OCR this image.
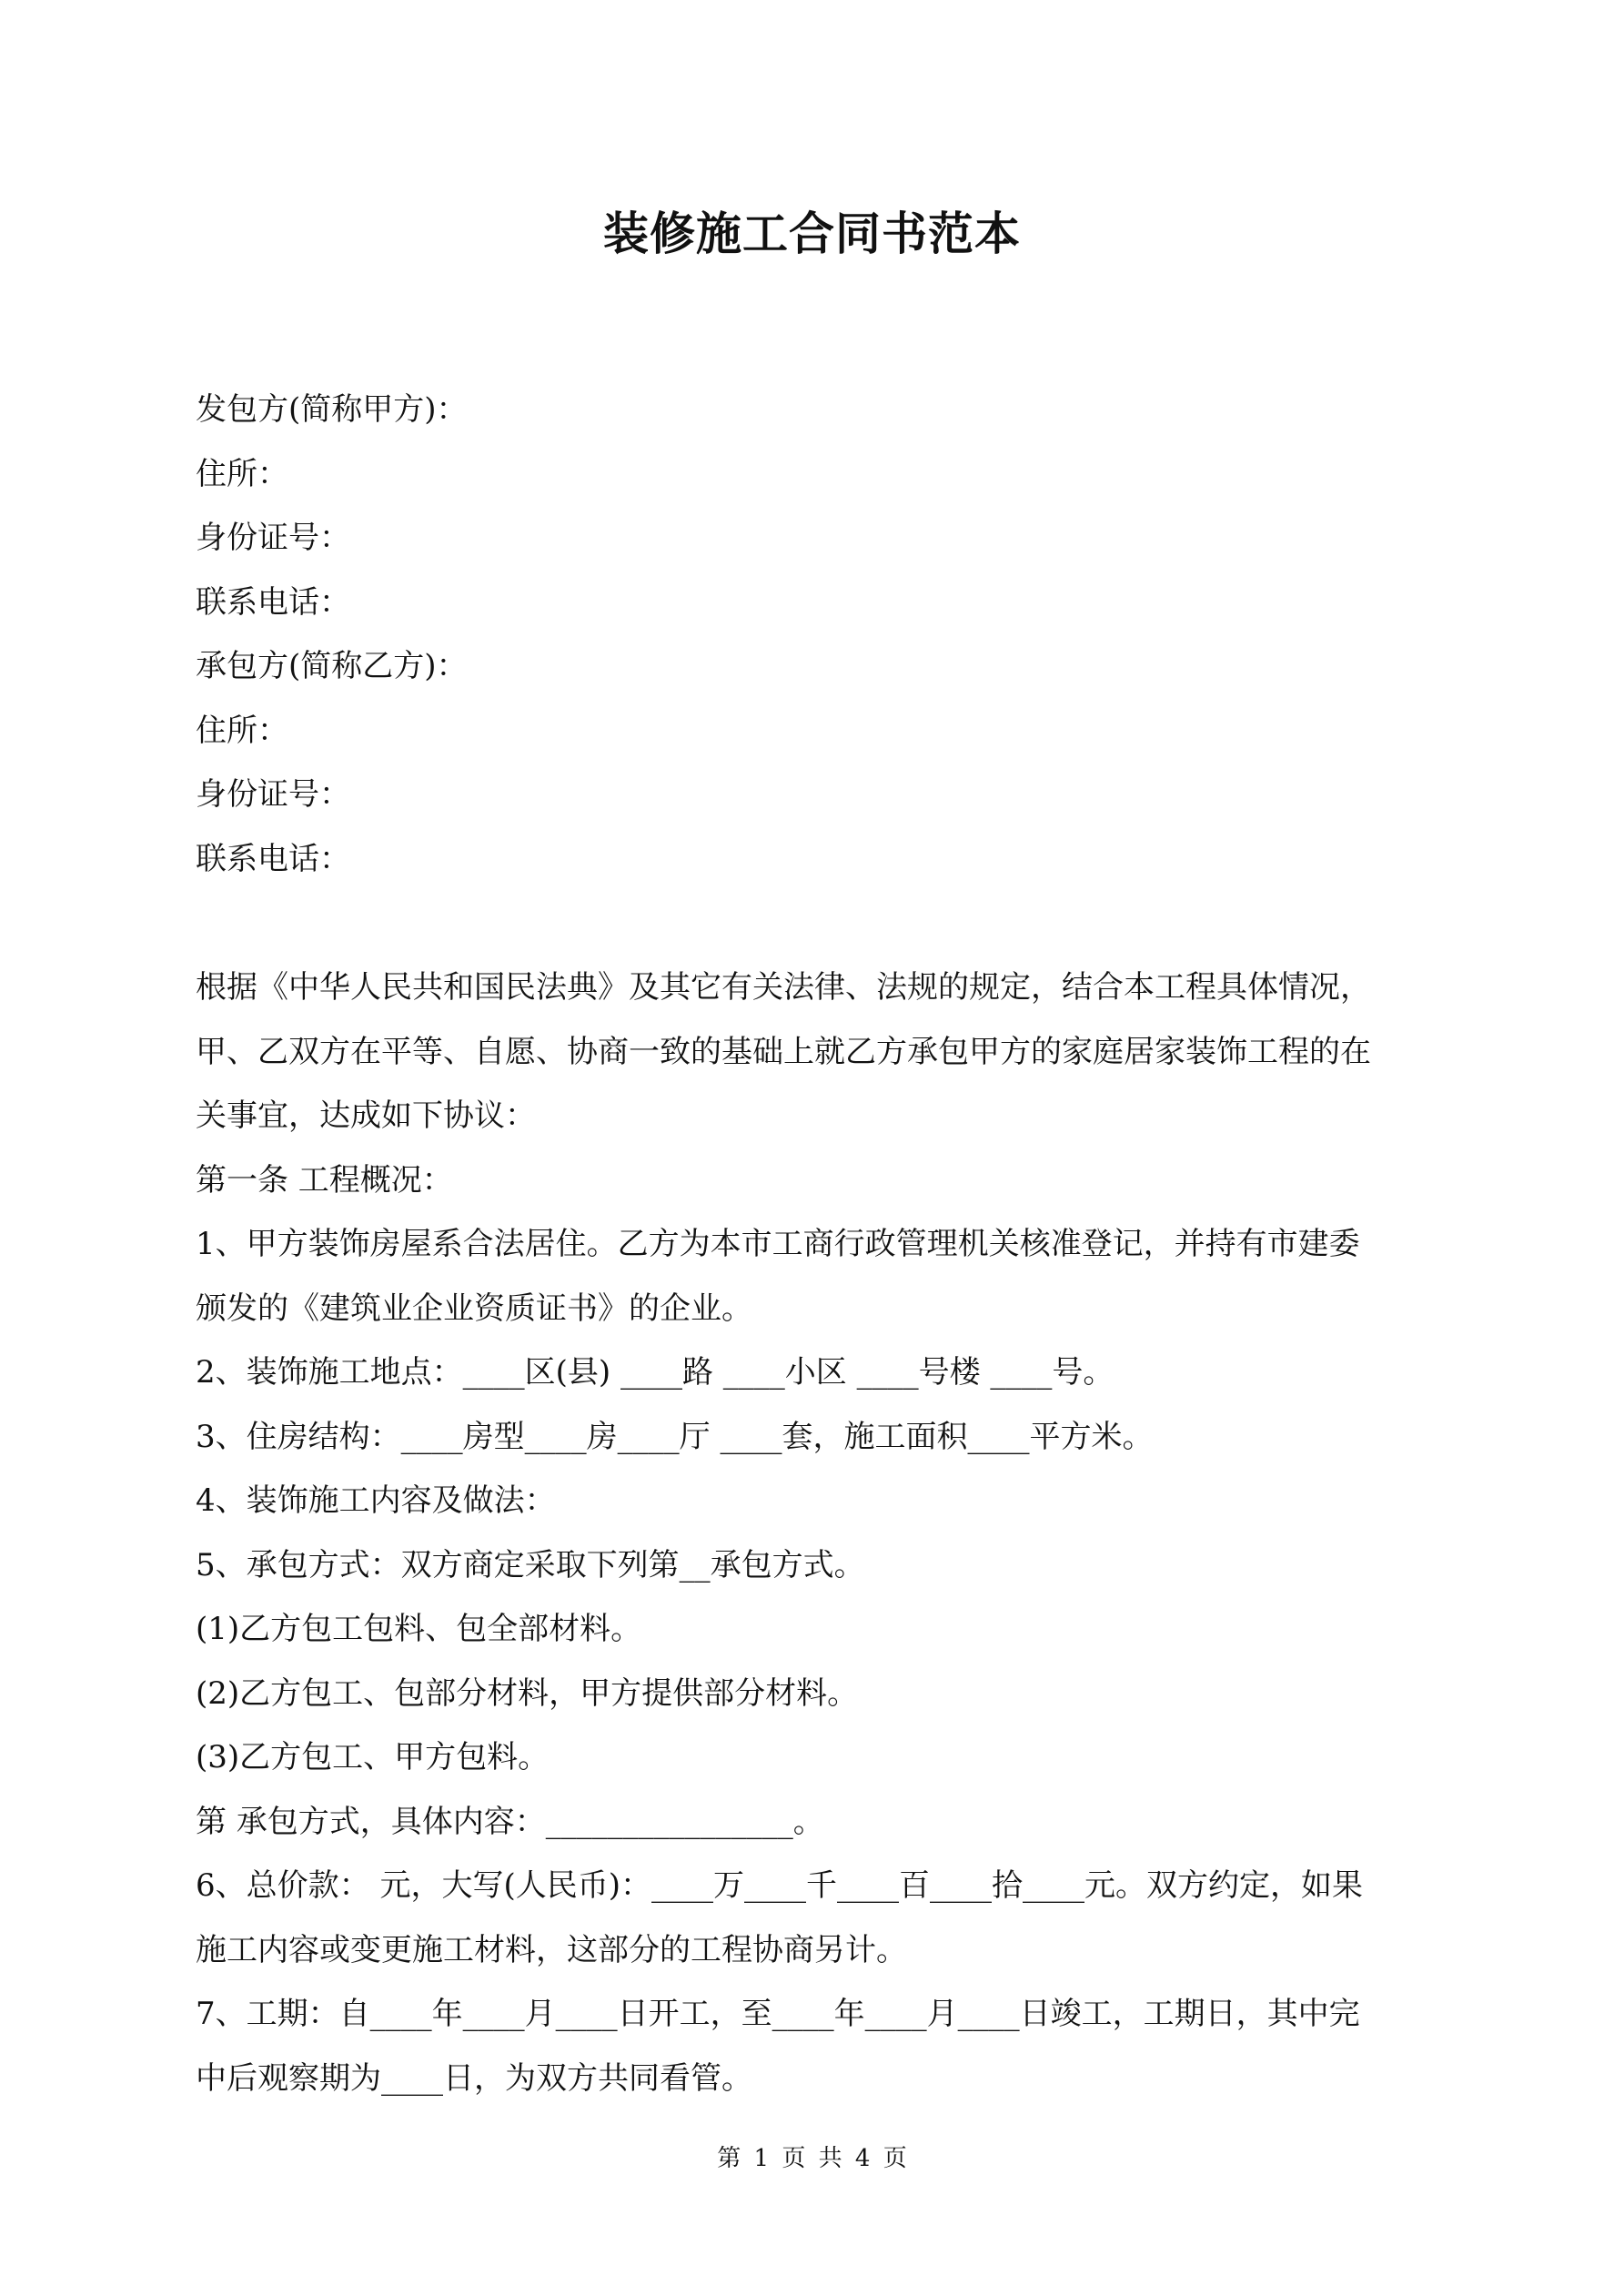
装修施工合同书范本
发包方(简称甲方)：
住所：
身份证号：
联系电话：
承包方(简称乙方)：
住所：
身份证号：
联系电话：
根据《中华人民共和国民法典》及其它有关法律、法规的规定，结合本工程具体情况，
甲、乙双方在平等、自愿、协商一致的基础上就乙方承包甲方的家庭居家装饰工程的在
关事宜，达成如下协议：
第一条 工程概况：
1、甲方装饰房屋系合法居住。乙方为本市工商行政管理机关核准登记，并持有市建委
颁发的《建筑业企业资质证书》的企业。
2、装饰施工地点：____区(县) ____路 ____小区 ____号楼 ____号。
3、住房结构：____房型____房____厅 ____套，施工面积____平方米。
4、装饰施工内容及做法：
5、承包方式：双方商定采取下列第__承包方式。
(1)乙方包工包料、包全部材料。
(2)乙方包工、包部分材料，甲方提供部分材料。
(3)乙方包工、甲方包料。
第 承包方式，具体内容：________________。
6、总价款： 元，大写(人民币)：____万____千____百____拾____元。双方约定，如果
施工内容或变更施工材料，这部分的工程协商另计。
7、工期：自____年____月____日开工，至____年____月____日竣工，工期日，其中完
中后观察期为____日，为双方共同看管。
第 1 页 共 4 页
